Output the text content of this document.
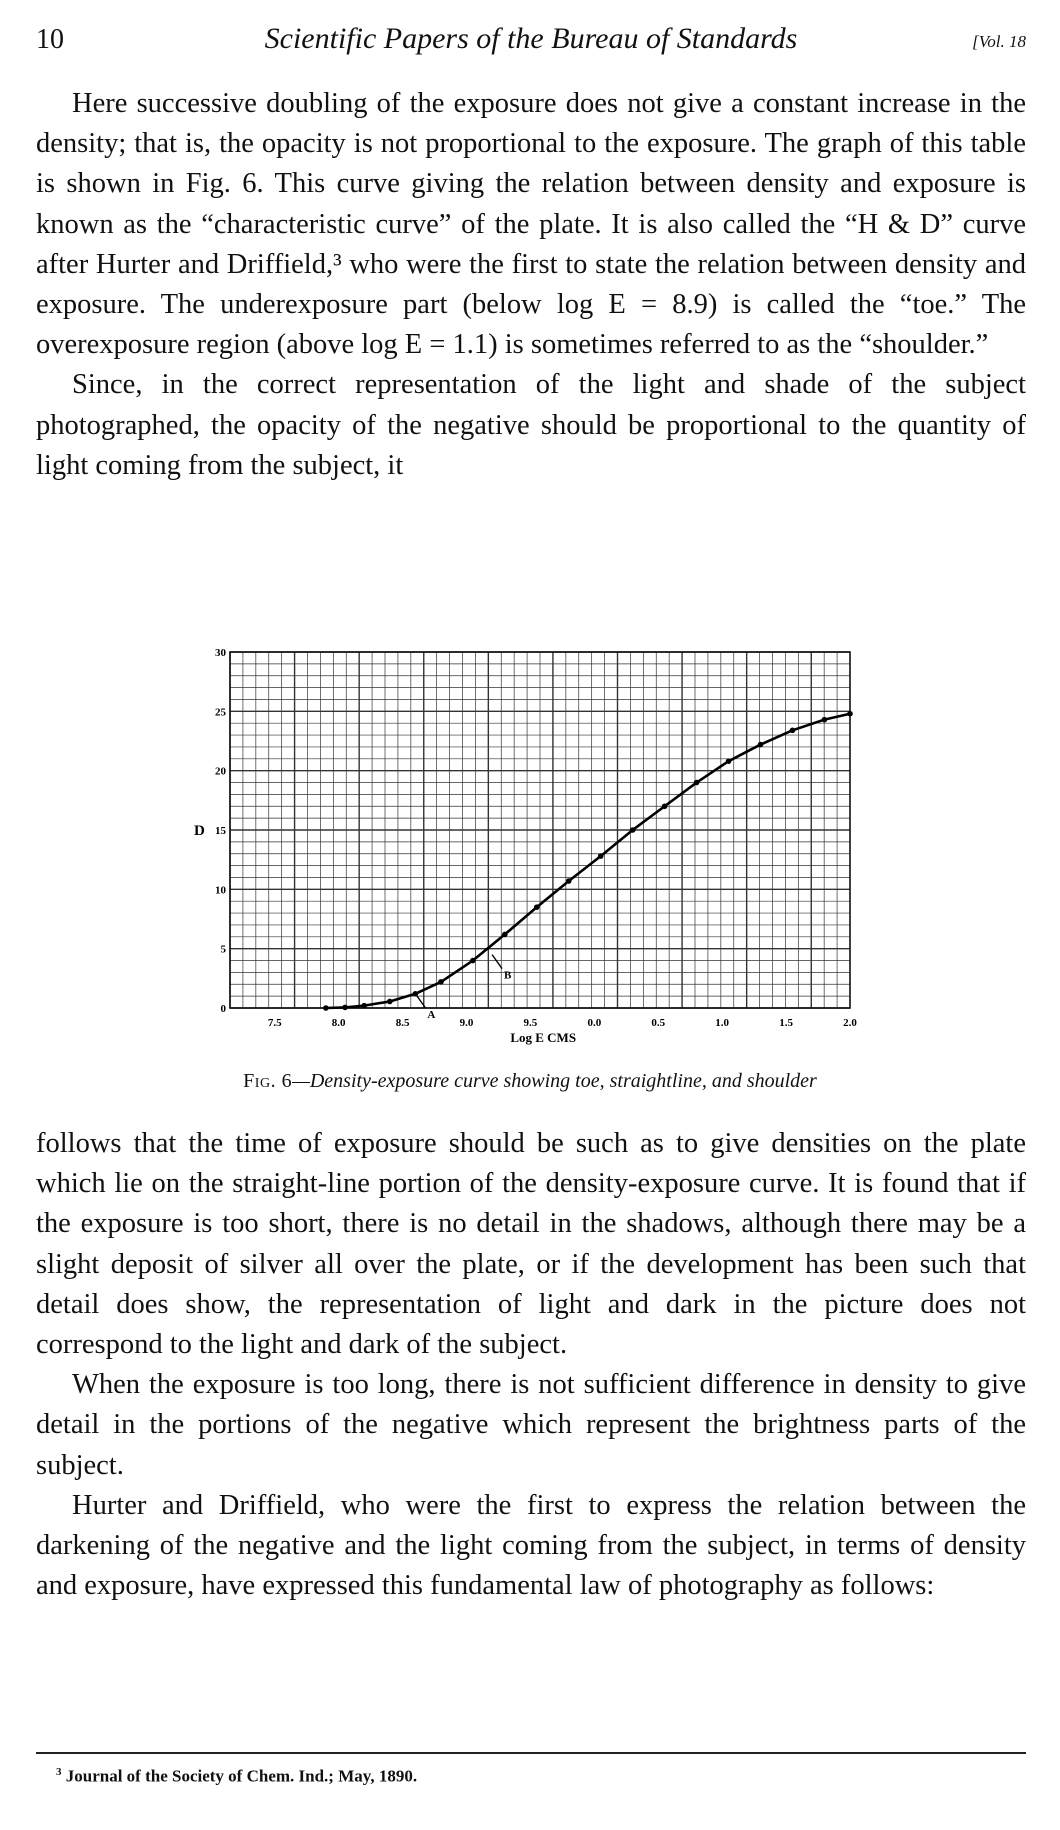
10	Scientific Papers of the Bureau of Standards	[Vol. 18

Here successive doubling of the exposure does not give a constant increase in the density; that is, the opacity is not proportional to the exposure. The graph of this table is shown in Fig. 6. This curve giving the relation between density and exposure is known as the “characteristic curve” of the plate. It is also called the “H & D” curve after Hurter and Driffield,³ who were the first to state the relation between density and exposure. The underexposure part (below log E = 8.9) is called the “toe.” The overexposure region (above log E = 1.1) is sometimes referred to as the “shoulder.”

Since, in the correct representation of the light and shade of the subject photographed, the opacity of the negative should be proportional to the quantity of light coming from the subject, it

0
5
10
15
20
25
30
D
7.5	8.0	8.5	9.0	9.5	0.0	0.5	1.0	1.5	2.0
Log E CMS
A
B
Fig. 6—Density-exposure curve showing toe, straightline, and shoulder

follows that the time of exposure should be such as to give densities on the plate which lie on the straight-line portion of the density-exposure curve. It is found that if the exposure is too short, there is no detail in the shadows, although there may be a slight deposit of silver all over the plate, or if the development has been such that detail does show, the representation of light and dark in the picture does not correspond to the light and dark of the subject.

When the exposure is too long, there is not sufficient difference in density to give detail in the portions of the negative which represent the brightness parts of the subject.

Hurter and Driffield, who were the first to express the relation between the darkening of the negative and the light coming from the subject, in terms of density and exposure, have expressed this fundamental law of photography as follows:

$^3$ Journal of the Society of Chem. Ind.; May, 1890.
